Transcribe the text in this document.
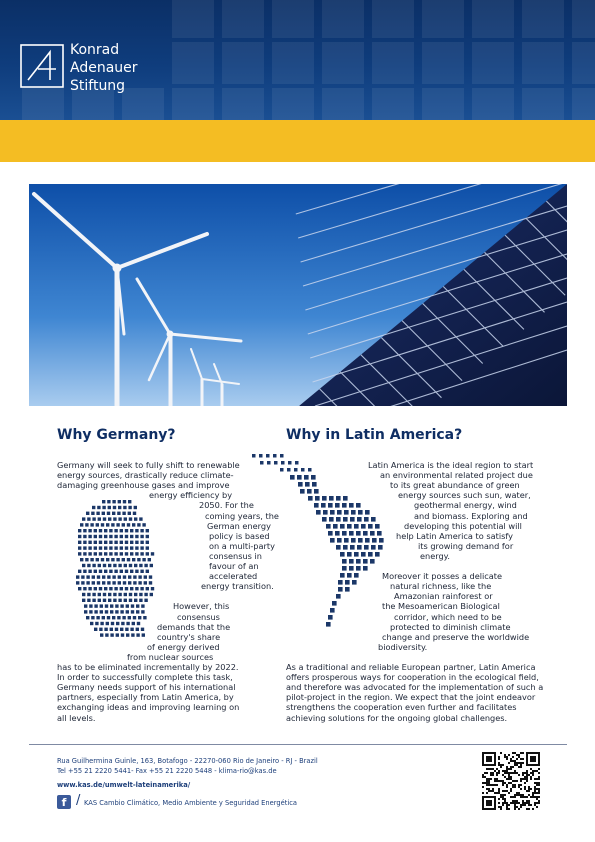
Konrad
Adenauer
Stiftung
Why Germany?
Germany will seek to fully shift to renewable
energy sources, drastically reduce climate-
damaging greenhouse gases and improve
energy efficiency by
2050. For the
coming years, the
German energy
policy is based
on a multi-party
consensus in
favour of an
accelerated
energy transition.
However, this
consensus
demands that the
country's share
of energy derived
from nuclear sources
has to be eliminated incrementally by 2022.
In order to successfully complete this task,
Germany needs support of his international
partners, especially from Latin America, by
exchanging ideas and improving learning on
all levels.
Why in Latin America?
Latin America is the ideal region to start
an environmental related project due
to its great abundance of green
energy sources such sun, water,
geothermal energy, wind
and biomass. Exploring and
developing this potential will
help Latin America to satisfy
its growing demand for
energy.
Moreover it posses a delicate
natural richness, like the
Amazonian rainforest or
the Mesoamerican Biological
corridor, which need to be
protected to diminish climate
change and preserve the worldwide
biodiversity.
As a traditional and reliable European partner, Latin America
offers prosperous ways for cooperation in the ecological field,
and therefore was advocated for the implementation of such a
pilot-project in the region. We expect that the joint endeavor
strengthens the cooperation even further and facilitates
achieving solutions for the ongoing global challenges.
Rua Guilhermina Guinle, 163, Botafogo - 22270-060 Rio de Janeiro - RJ - Brazil
Tel +55 21 2220 5441- Fax +55 21 2220 5448 - klima-rio@kas.de
www.kas.de/umwelt-lateinamerika/
f / KAS Cambio Climático, Medio Ambiente y Seguridad Energética
